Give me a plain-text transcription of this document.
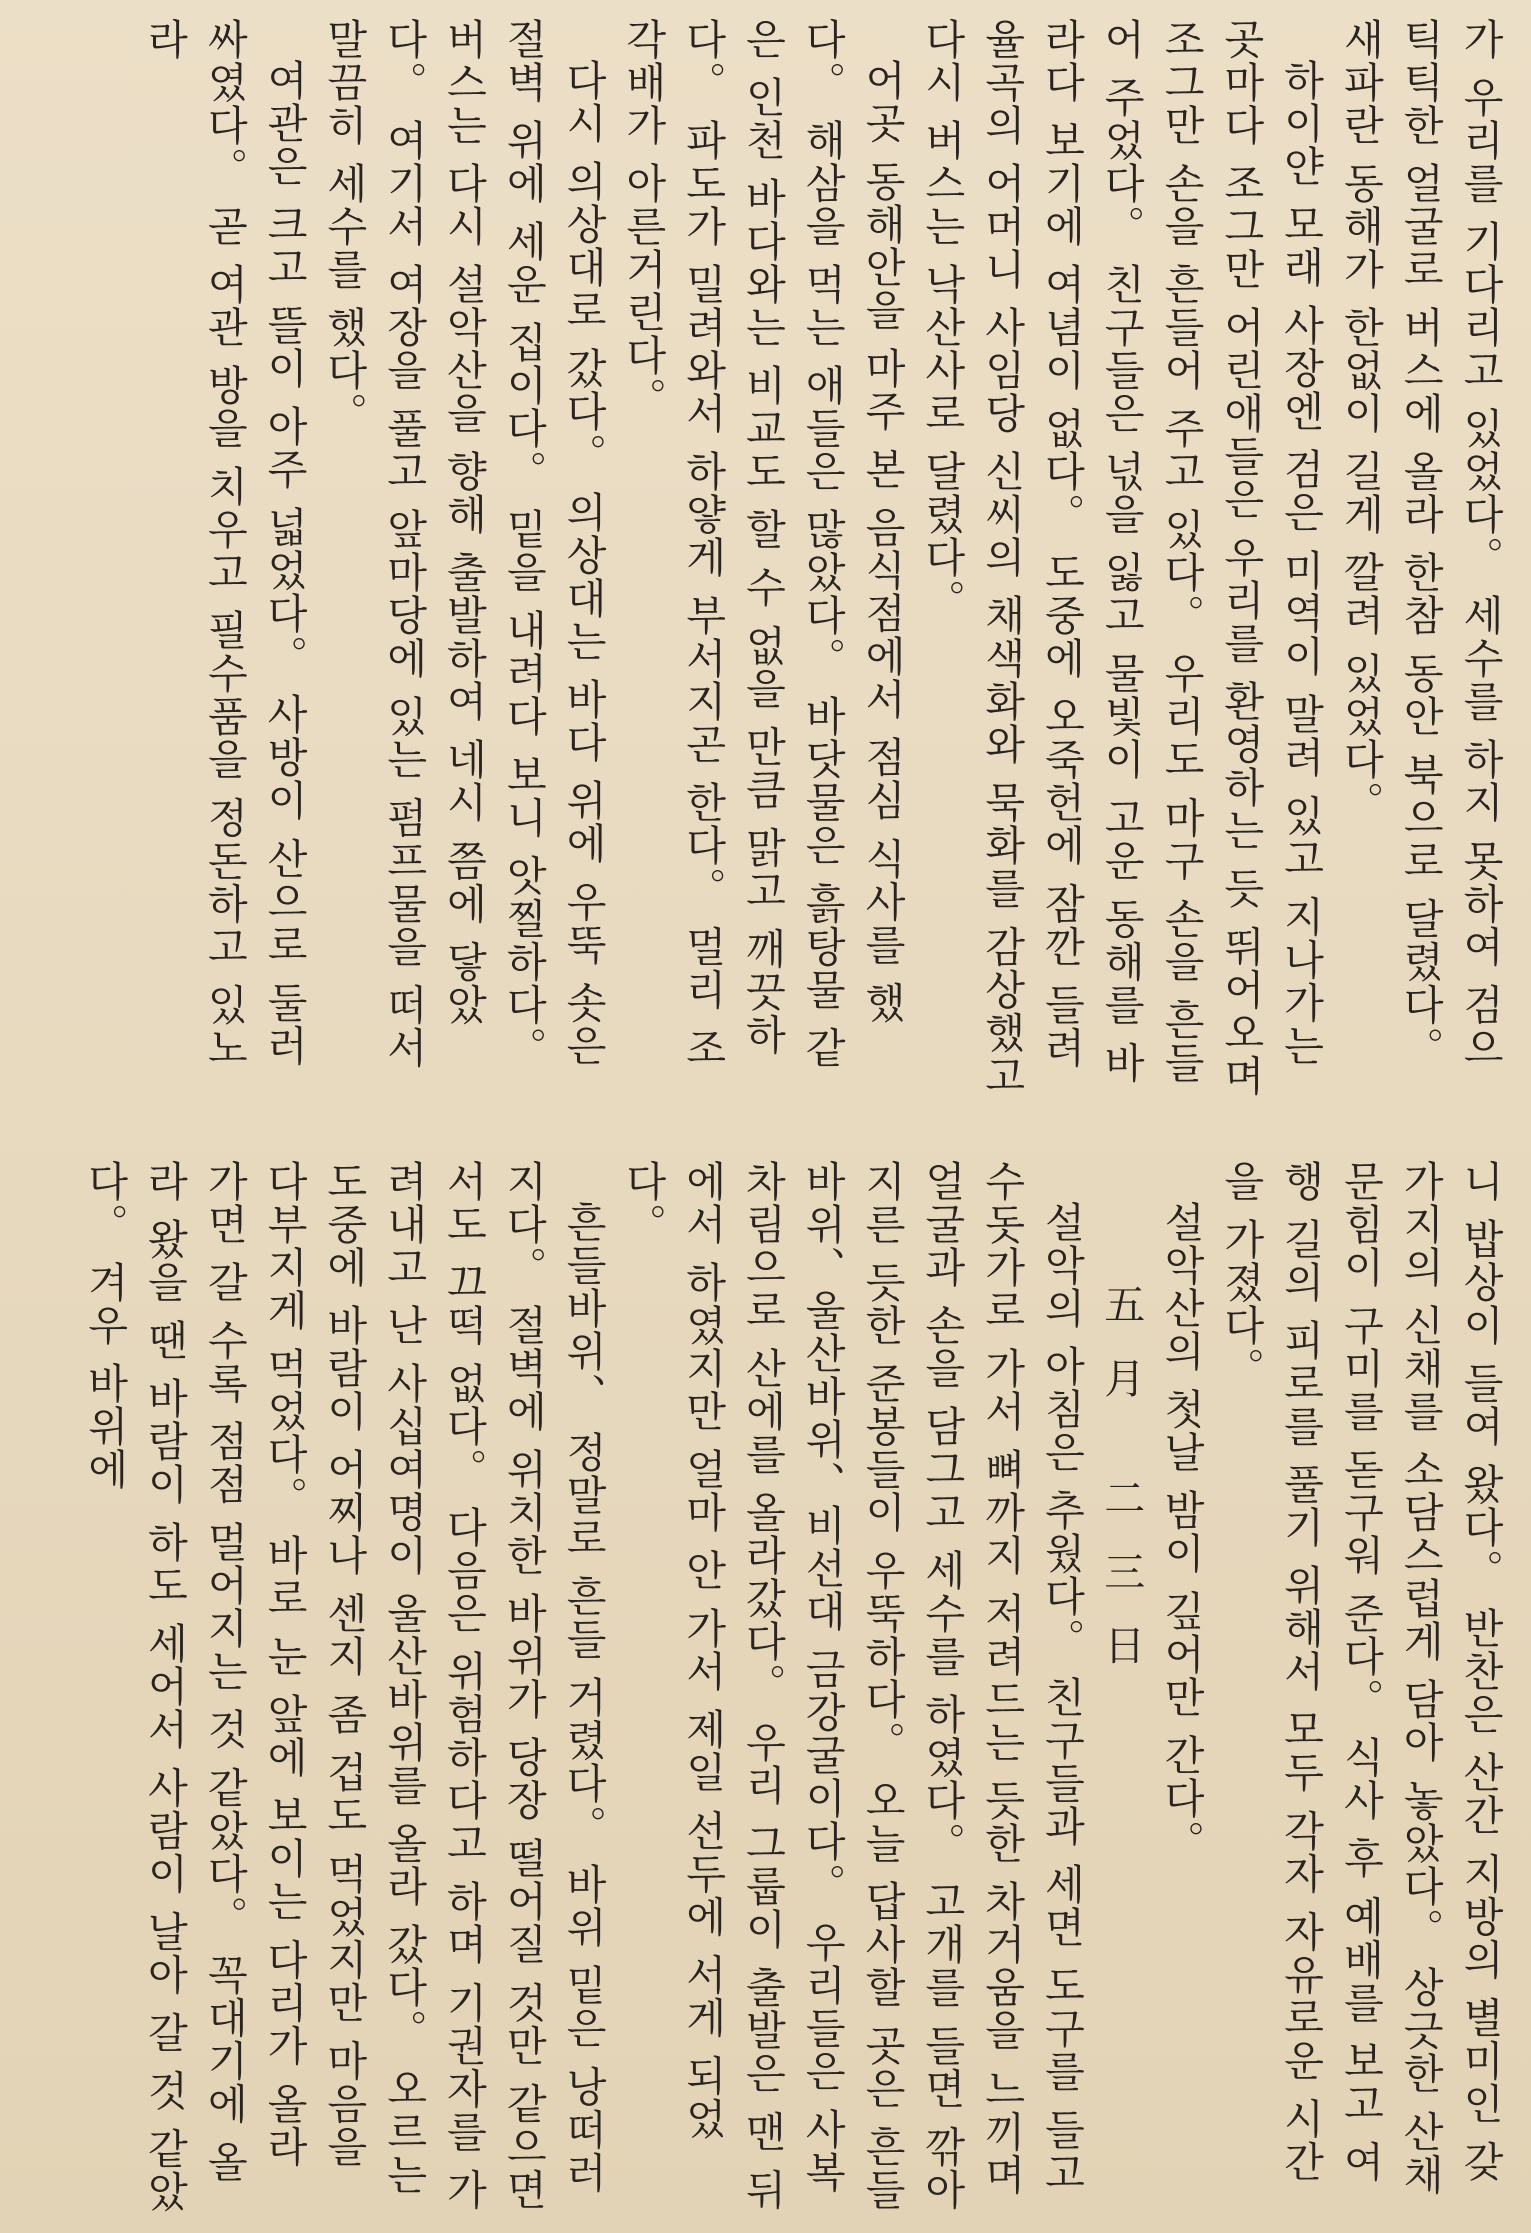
가 우리를 기다리고 있었다。 세수를 하지 못하여 검으틱틱한 얼굴로 버스에 올라 한참 동안 북으로 달렸다。 새파란 동해가 한없이 길게 깔려 있었다。

하이얀 모래 사장엔 검은 미역이 말려 있고 지나가는 곳마다 조그만 어린애들은 우리를 환영하는 듯 뛰어오며 조그만 손을 흔들어 주고 있다。 우리도 마구 손을 흔들어 주었다。 친구들은 넋을 잃고 물빛이 고운 동해를 바라다 보기에 여념이 없다。 도중에 오죽헌에 잠깐 들려 율곡의 어머니 사임당 신씨의 채색화와 묵화를 감상했고 다시 버스는 낙산사로 달렸다。

어곳 동해안을 마주 본 음식점에서 점심 식사를 했다。 해삼을 먹는 애들은 많았다。 바닷물은 흙탕물 같은 인천 바다와는 비교도 할 수 없을 만큼 맑고 깨끗하다。 파도가 밀려와서 하얗게 부서지곤 한다。 멀리 조각배가 아른거린다。

다시 의상대로 갔다。 의상대는 바다 위에 우뚝 솟은 절벽 위에 세운 집이다。 밑을 내려다 보니 앗찔하다。 버스는 다시 설악산을 향해 출발하여 네시 쯤에 닿았다。 여기서 여장을 풀고 앞마당에 있는 펌프물을 떠서 말끔히 세수를 했다。

여관은 크고 뜰이 아주 넓었다。 사방이 산으로 둘러싸였다。 곧 여관 방을 치우고 필수품을 정돈하고 있노라

니 밥상이 들여 왔다。 반찬은 산간 지방의 별미인 갖가지의 신채를 소담스럽게 담아 놓았다。 상긋한 산채 문힘이 구미를 돋구워 준다。 식사 후 예배를 보고 여행 길의 피로를 풀기 위해서 모두 각자 자유로운 시간을 가졌다。

설악산의 첫날 밤이 깊어만 간다。

五月 二三日

설악의 아침은 추웠다。 친구들과 세면 도구를 들고 수돗가로 가서 뼈까지 저려드는 듯한 차거움을 느끼며 얼굴과 손을 담그고 세수를 하였다。 고개를 들면 깎아지른 듯한 준봉들이 우뚝하다。 오늘 답사할 곳은 흔들바위、울산바위、비선대 금강굴이다。 우리들은 사복 차림으로 산에를 올라갔다。 우리 그룹이 출발은 맨 뒤에서 하였지만 얼마 안 가서 제일 선두에 서게 되었다。

흔들바위、 정말로 흔들 거렸다。 바위 밑은 낭떠러지다。 절벽에 위치한 바위가 당장 떨어질 것만 같으면서도 끄떡 없다。 다음은 위험하다고 하며 기권자를 가려내고 난 사십여명이 울산바위를 올라 갔다。 오르는 도중에 바람이 어찌나 센지 좀 겁도 먹었지만 마음을 다부지게 먹었다。 바로 눈 앞에 보이는 다리가 올라 가면 갈 수록 점점 멀어지는 것 같았다。 꼭대기에 올라 왔을 땐 바람이 하도 세어서 사람이 날아 갈 것 같았다。 겨우 바위에
